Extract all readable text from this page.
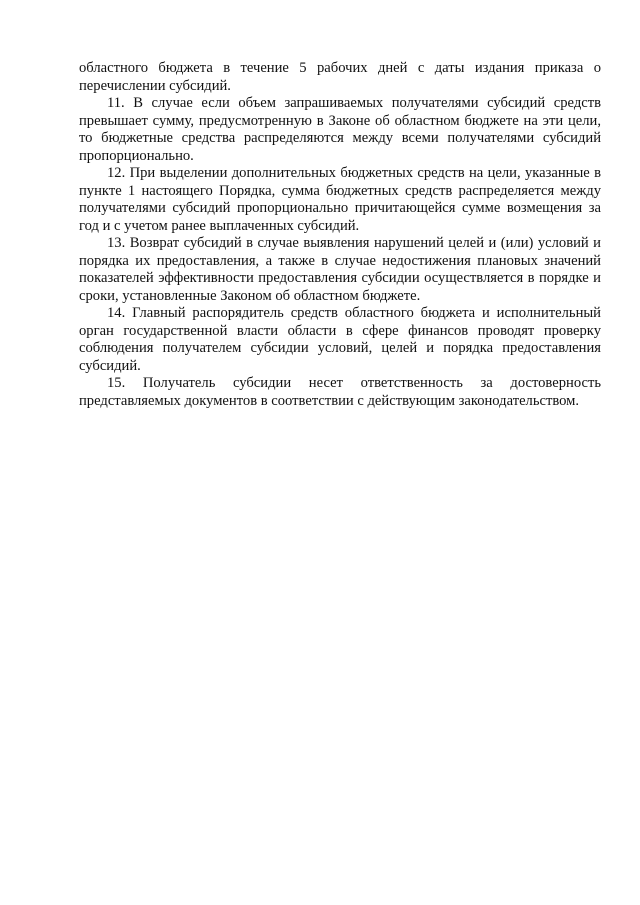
областного бюджета в течение 5 рабочих дней с даты издания приказа о перечислении субсидий.

11. В случае если объем запрашиваемых получателями субсидий средств превышает сумму, предусмотренную в Законе об областном бюджете на эти цели, то бюджетные средства распределяются между всеми получателями субсидий пропорционально.

12. При выделении дополнительных бюджетных средств на цели, указанные в пункте 1 настоящего Порядка, сумма бюджетных средств распределяется между получателями субсидий пропорционально причитающейся сумме возмещения за год и с учетом ранее выплаченных субсидий.

13. Возврат субсидий в случае выявления нарушений целей и (или) условий и порядка их предоставления, а также в случае недостижения плановых значений показателей эффективности предоставления субсидии осуществляется в порядке и сроки, установленные Законом об областном бюджете.

14. Главный распорядитель средств областного бюджета и исполнительный орган государственной власти области в сфере финансов проводят проверку соблюдения получателем субсидии условий, целей и порядка предоставления субсидий.

15. Получатель субсидии несет ответственность за достоверность представляемых документов в соответствии с действующим законодательством.
